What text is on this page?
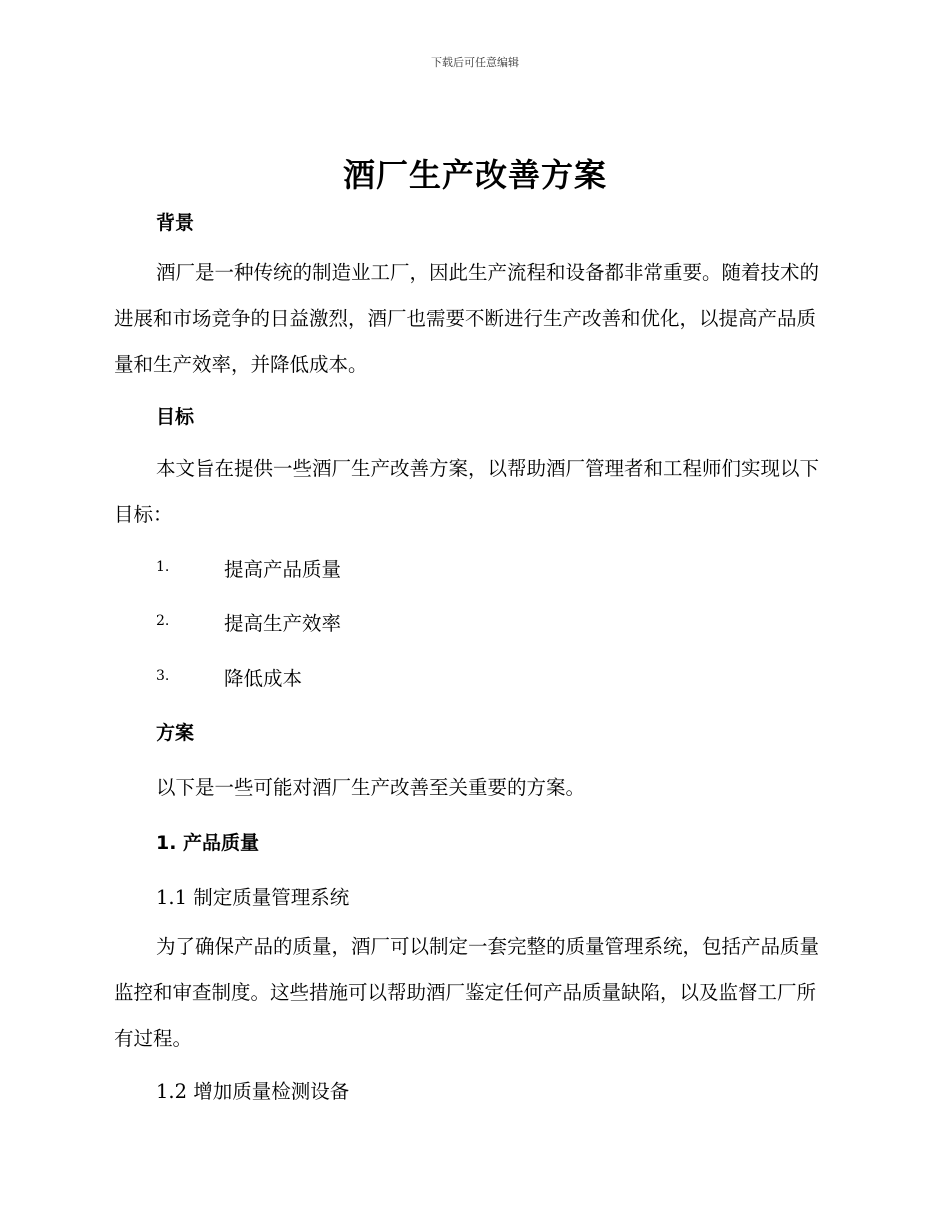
下载后可任意编辑
酒厂生产改善方案
背景
酒厂是一种传统的制造业工厂，因此生产流程和设备都非常重要。随着技术的进展和市场竞争的日益激烈，酒厂也需要不断进行生产改善和优化，以提高产品质量和生产效率，并降低成本。
目标
本文旨在提供一些酒厂生产改善方案，以帮助酒厂管理者和工程师们实现以下目标：
1.	提高产品质量
2.	提高生产效率
3.	降低成本
方案
以下是一些可能对酒厂生产改善至关重要的方案。
1. 产品质量
1.1 制定质量管理系统
为了确保产品的质量，酒厂可以制定一套完整的质量管理系统，包括产品质量监控和审查制度。这些措施可以帮助酒厂鉴定任何产品质量缺陷，以及监督工厂所有过程。
1.2 增加质量检测设备
